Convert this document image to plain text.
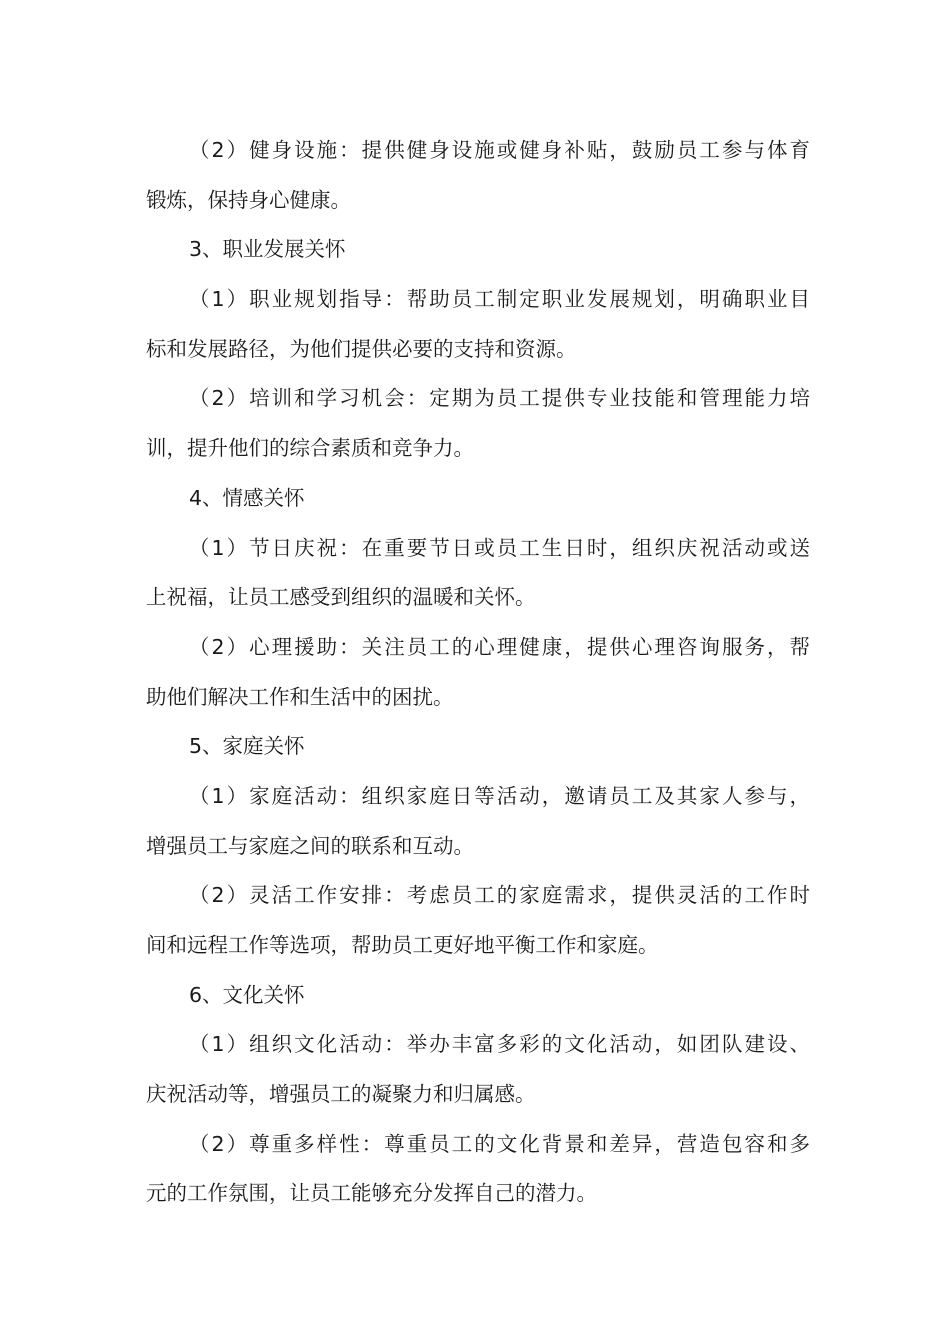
（2）健身设施：提供健身设施或健身补贴，鼓励员工参与体育
锻炼，保持身心健康。
3、职业发展关怀
（1）职业规划指导：帮助员工制定职业发展规划，明确职业目
标和发展路径，为他们提供必要的支持和资源。
（2）培训和学习机会：定期为员工提供专业技能和管理能力培
训，提升他们的综合素质和竞争力。
4、情感关怀
（1）节日庆祝：在重要节日或员工生日时，组织庆祝活动或送
上祝福，让员工感受到组织的温暖和关怀。
（2）心理援助：关注员工的心理健康，提供心理咨询服务，帮
助他们解决工作和生活中的困扰。
5、家庭关怀
（1）家庭活动：组织家庭日等活动，邀请员工及其家人参与，
增强员工与家庭之间的联系和互动。
（2）灵活工作安排：考虑员工的家庭需求，提供灵活的工作时
间和远程工作等选项，帮助员工更好地平衡工作和家庭。
6、文化关怀
（1）组织文化活动：举办丰富多彩的文化活动，如团队建设、
庆祝活动等，增强员工的凝聚力和归属感。
（2）尊重多样性：尊重员工的文化背景和差异，营造包容和多
元的工作氛围，让员工能够充分发挥自己的潜力。
